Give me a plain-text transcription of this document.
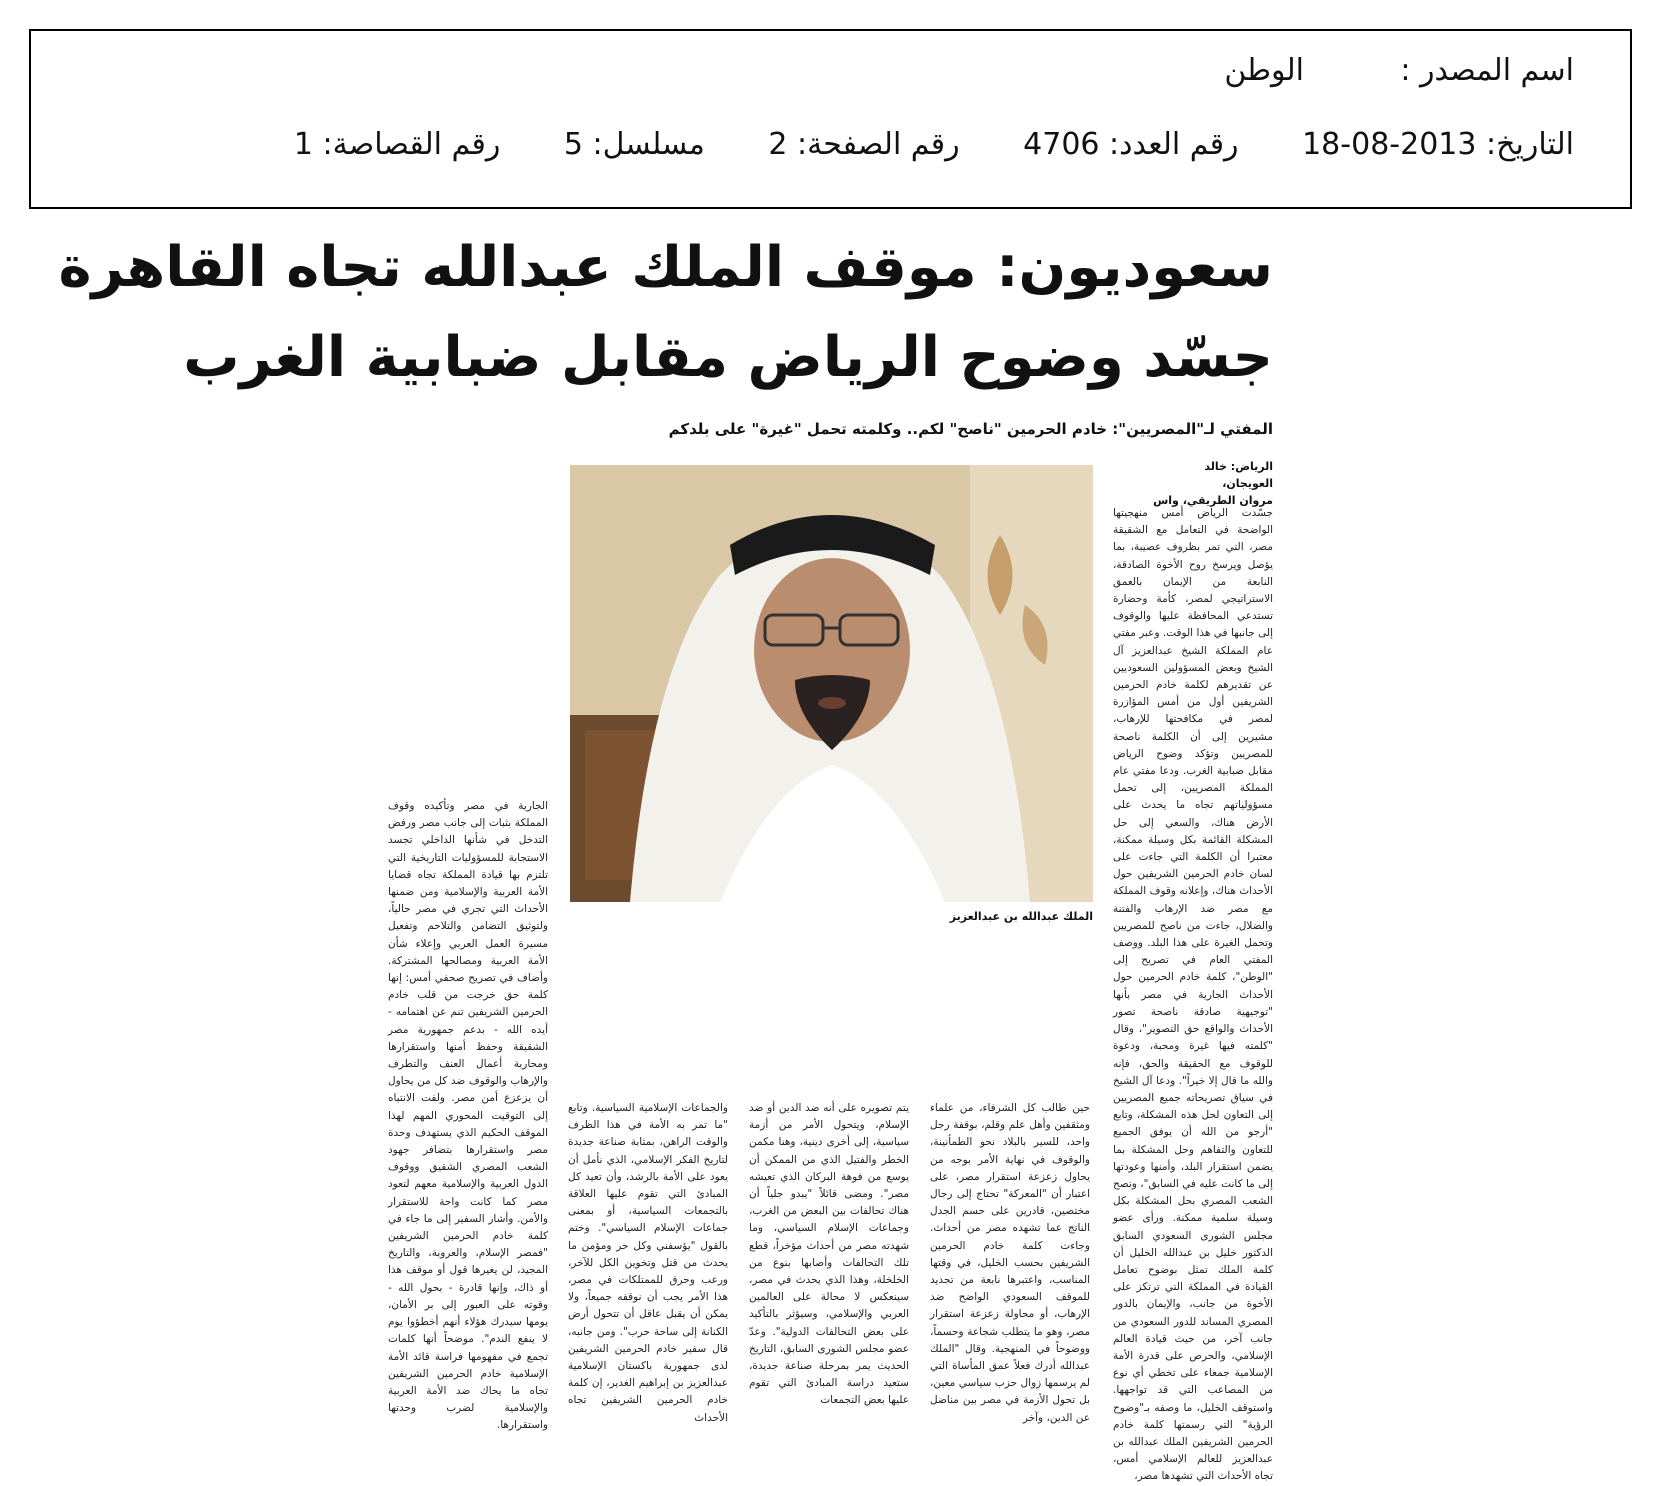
اسم المصدر :
الوطن
التاريخ: 2013-08-18 رقم العدد: 4706 رقم الصفحة: 2 مسلسل: 5 رقم القصاصة: 1
سعوديون: موقف الملك عبدالله تجاه القاهرة
جسّد وضوح الرياض مقابل ضبابية الغرب
المفتي لـ"المصريين": خادم الحرمين "ناصح" لكم.. وكلمته تحمل "غيرة" على بلدكم
الرياض: خالد العويجان،
مروان الطريقي، واس
الملك عبدالله بن عبدالعزيز
جسّدت الرياض أمس منهجيتها الواضحة في التعامل مع الشقيقة مصر، التي تمر بظروف عصيبة، بما يؤصل ويرسخ روح الأخوة الصادقة، النابعة من الإيمان بالعمق الاستراتيجي لمصر، كأمة وحضارة تستدعي المحافظة عليها والوقوف إلى جانبها في هذا الوقت. وعبر مفتي عام المملكة الشيخ عبدالعزيز آل الشيخ وبعض المسؤولين السعوديين عن تقديرهم لكلمة خادم الحرمين الشريفين أول من أمس المؤازرة لمصر في مكافحتها للإرهاب، مشيرين إلى أن الكلمة ناصحة للمصريين وتؤكد وضوح الرياض مقابل ضبابية الغرب. ودعا مفتي عام المملكة المصريين، إلى تحمل مسؤولياتهم تجاه ما يحدث على الأرض هناك، والسعي إلى حل المشكلة القائمة بكل وسيلة ممكنة، معتبرا أن الكلمة التي جاءت على لسان خادم الحرمين الشريفين حول الأحداث هناك، وإعلانه وقوف المملكة مع مصر ضد الإرهاب والفتنة والضلال، جاءت من ناصح للمصريين وتحمل الغيرة على هذا البلد. ووصف المفتي العام في تصريح إلى "الوطن"، كلمة خادم الحرمين حول الأحداث الجارية في مصر بأنها "توجيهية صادقة ناصحة تصور الأحداث والواقع حق التصوير"، وقال "كلمته فيها غيرة ومحبة، ودعوة للوقوف مع الحقيقة والحق، فإنه والله ما قال إلا خيراً". ودعا آل الشيخ في سياق تصريحاته جميع المصريين إلى التعاون لحل هذه المشكلة، وتابع "أرجو من الله أن يوفق الجميع للتعاون والتفاهم وحل المشكلة بما يضمن استقرار البلد، وأمنها وعودتها إلى ما كانت عليه في السابق"، ونصح الشعب المصري بحل المشكلة بكل وسيلة سلمية ممكنة. ورأى عضو مجلس الشورى السعودي السابق الدكتور خليل بن عبدالله الخليل أن كلمة الملك تمثل بوضوح تعامل القيادة في المملكة التي ترتكز على الأخوة من جانب، والإيمان بالدور المصري المساند للدور السعودي من جانب آخر، من حيث قيادة العالم الإسلامي، والحرص على قدرة الأمة الإسلامية جمعاء على تخطي أي نوع من المصاعب التي قد تواجهها. واستوقف الخليل، ما وصفه بـ"وضوح الرؤية" التي رسمتها كلمة خادم الحرمين الشريفين الملك عبدالله بن عبدالعزيز للعالم الإسلامي أمس، تجاه الأحداث التي تشهدها مصر،
حين طالب كل الشرفاء، من علماء ومثقفين وأهل علم وقلم، بوقفة رجل واحد، للسير بالبلاد نحو الطمأنينة، والوقوف في نهاية الأمر بوجه من يحاول زعزعة استقرار مصر، على اعتبار أن "المعركة" تحتاج إلى رجال مختصين، قادرين على حسم الجدل الناتج عما تشهده مصر من أحداث. وجاءت كلمة خادم الحرمين الشريفين بحسب الخليل، في وقتها المناسب، واعتبرها نابعة من تجديد للموقف السعودي الواضح ضد الإرهاب، أو محاولة زعزعة استقرار مصر، وهو ما يتطلب شجاعة وحسماً، ووضوحاً في المنهجية. وقال "الملك عبدالله أدرك فعلاً عمق المأساة التي لم يرسمها زوال حزب سياسي معين، بل تحول الأزمة في مصر بين مناضل عن الدين، وآخر
يتم تصويره على أنه ضد الدين أو ضد الإسلام، ويتحول الأمر من أزمة سياسية، إلى أخرى دينية، وهنا مكمن الخطر والفتيل الذي من الممكن أن يوسع من فوهة البركان الذي تعيشه مصر". ومضى قائلاً "يبدو جلياً أن هناك تحالفات بين البعض من الغرب، وجماعات الإسلام السياسي، وما شهدته مصر من أحداث مؤخراً، قطع تلك التحالفات وأصابها بنوع من الخلخلة، وهذا الذي يحدث في مصر، سينعكس لا محالة على العالمين العربي والإسلامي، وسيؤثر بالتأكيد على بعض التحالفات الدولية". وعدّ عضو مجلس الشورى السابق، التاريخ الحديث يمر بمرحلة صناعة جديدة، ستعيد دراسة المبادئ التي تقوم عليها بعض التجمعات
والجماعات الإسلامية السياسية. وتابع "ما تمر به الأمة في هذا الظرف والوقت الراهن، بمثابة صناعة جديدة لتاريخ الفكر الإسلامي، الذي نأمل أن يعود على الأمة بالرشد، وأن تعيد كل المبادئ التي تقوم عليها العلاقة بالتجمعات السياسية، أو بمعنى جماعات الإسلام السياسي". وختم بالقول "يؤسفني وكل حر ومؤمن ما يحدث من قتل وتخوين الكل للآخر، ورعب وحرق للممتلكات في مصر، هذا الأمر يجب أن نوقفه جميعاً، ولا يمكن أن يقبل عاقل أن تتحول أرض الكنانة إلى ساحة حرب". ومن جانبه، قال سفير خادم الحرمين الشريفين لدى جمهورية باكستان الإسلامية عبدالعزيز بن إبراهيم الغدير، إن كلمة خادم الحرمين الشريفين تجاه الأحداث
الجارية في مصر وتأكيده وقوف المملكة بثبات إلى جانب مصر ورفض التدخل في شأنها الداخلي تجسد الاستجابة للمسؤوليات التاريخية التي تلتزم بها قيادة المملكة تجاه قضايا الأمة العربية والإسلامية ومن ضمنها الأحداث التي تجري في مصر حالياً، ولتوثيق التضامن والتلاحم وتفعيل مسيرة العمل العربي وإعلاء شأن الأمة العربية ومصالحها المشتركة. وأضاف في تصريح صحفي أمس: إنها كلمة حق خرجت من قلب خادم الحرمين الشريفين تنم عن اهتمامه - أيده الله - بدعم جمهورية مصر الشقيقة وحفظ أمنها واستقرارها ومحاربة أعمال العنف والتطرف والإرهاب والوقوف ضد كل من يحاول أن يزعزع أمن مصر. ولفت الانتباه إلى التوقيت المحوري المهم لهذا الموقف الحكيم الذي يستهدف وحدة مصر واستقرارها بتضافر جهود الشعب المصري الشقيق ووقوف الدول العربية والإسلامية معهم لتعود مصر كما كانت واحة للاستقرار والأمن. وأشار السفير إلى ما جاء في كلمة خادم الحرمين الشريفين "فمصر الإسلام، والعروبة، والتاريخ المجيد، لن يغيرها قول أو موقف هذا أو ذاك، وإنها قادرة - بحول الله - وقوته على العبور إلى بر الأمان، يومها سيدرك هؤلاء أنهم أخطؤوا يوم لا ينفع الندم". موضحاً أنها كلمات تجمع في مفهومها فراسة قائد الأمة الإسلامية خادم الحرمين الشريفين تجاه ما يحاك ضد الأمة العربية والإسلامية لضرب وحدتها واستقرارها.
